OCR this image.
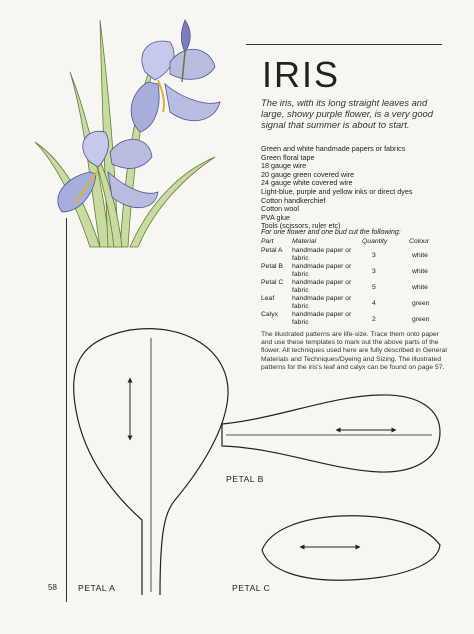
IRIS
The iris, with its long straight leaves and large, showy purple flower, is a very good signal that summer is about to start.
Green and white handmade papers or fabrics
Green floral tape
18 gauge wire
20 gauge green covered wire
24 gauge white covered wire
Light-blue, purple and yellow inks or direct dyes
Cotton handkerchief
Cotton wool
PVA glue
Tools (scissors, ruler etc)
For one flower and one bud cut the following:
Part	Material	Quantity	Colour
Petal A handmade paper or fabric	3	white
Petal B handmade paper or fabric	3	white
Petal C handmade paper or fabric	5	white
Leaf	handmade paper or fabric	4	green
Calyx handmade paper or fabric	2	green
The illustrated patterns are life-size. Trace them onto paper and use these templates to mark out the above parts of the flower. All techniques used here are fully described in General Materials and Techniques/Dyeing and Sizing. The illustrated patterns for the iris's leaf and calyx can be found on page 57.
PETAL B
PETAL A	PETAL C
58
